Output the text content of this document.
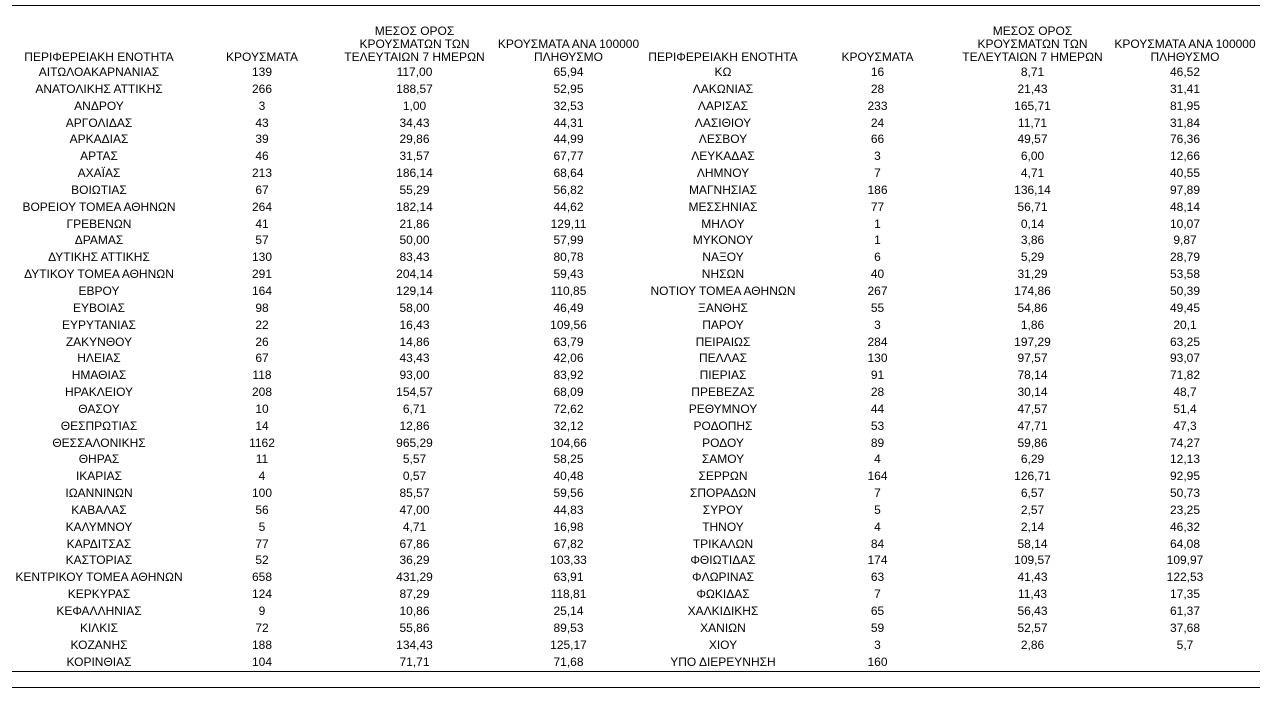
ΠΕΡΙΦΕΡΕΙΑΚΗ ΕΝΟΤΗΤΑ	ΚΡΟΥΣΜΑΤΑ	ΜΕΣΟΣ ΟΡΟΣ
ΚΡΟΥΣΜΑΤΩΝ ΤΩΝ
ΤΕΛΕΥΤΑΙΩΝ 7 ΗΜΕΡΩΝ	ΚΡΟΥΣΜΑΤΑ ΑΝΑ 100000
ΠΛΗΘΥΣΜΟ

ΑΙΤΩΛΟΑΚΑΡΝΑΝΙΑΣ	139	117,00	65,94
ΑΝΑΤΟΛΙΚΗΣ ΑΤΤΙΚΗΣ	266	188,57	52,95
ΑΝΔΡΟΥ	3	1,00	32,53
ΑΡΓΟΛΙΔΑΣ	43	34,43	44,31
ΑΡΚΑΔΙΑΣ	39	29,86	44,99
ΑΡΤΑΣ	46	31,57	67,77
ΑΧΑΪΑΣ	213	186,14	68,64
ΒΟΙΩΤΙΑΣ	67	55,29	56,82
ΒΟΡΕΙΟΥ ΤΟΜΕΑ ΑΘΗΝΩΝ	264	182,14	44,62
ΓΡΕΒΕΝΩΝ	41	21,86	129,11
ΔΡΑΜΑΣ	57	50,00	57,99
ΔΥΤΙΚΗΣ ΑΤΤΙΚΗΣ	130	83,43	80,78
ΔΥΤΙΚΟΥ ΤΟΜΕΑ ΑΘΗΝΩΝ	291	204,14	59,43
ΕΒΡΟΥ	164	129,14	110,85
ΕΥΒΟΙΑΣ	98	58,00	46,49
ΕΥΡΥΤΑΝΙΑΣ	22	16,43	109,56
ΖΑΚΥΝΘΟΥ	26	14,86	63,79
ΗΛΕΙΑΣ	67	43,43	42,06
ΗΜΑΘΙΑΣ	118	93,00	83,92
ΗΡΑΚΛΕΙΟΥ	208	154,57	68,09
ΘΑΣΟΥ	10	6,71	72,62
ΘΕΣΠΡΩΤΙΑΣ	14	12,86	32,12
ΘΕΣΣΑΛΟΝΙΚΗΣ	1162	965,29	104,66
ΘΗΡΑΣ	11	5,57	58,25
ΙΚΑΡΙΑΣ	4	0,57	40,48
ΙΩΑΝΝΙΝΩΝ	100	85,57	59,56
ΚΑΒΑΛΑΣ	56	47,00	44,83
ΚΑΛΥΜΝΟΥ	5	4,71	16,98
ΚΑΡΔΙΤΣΑΣ	77	67,86	67,82
ΚΑΣΤΟΡΙΑΣ	52	36,29	103,33
ΚΕΝΤΡΙΚΟΥ ΤΟΜΕΑ ΑΘΗΝΩΝ	658	431,29	63,91
ΚΕΡΚΥΡΑΣ	124	87,29	118,81
ΚΕΦΑΛΛΗΝΙΑΣ	9	10,86	25,14
ΚΙΛΚΙΣ	72	55,86	89,53
ΚΟΖΑΝΗΣ	188	134,43	125,17
ΚΟΡΙΝΘΙΑΣ	104	71,71	71,68
ΠΕΡΙΦΕΡΕΙΑΚΗ ΕΝΟΤΗΤΑ	ΚΡΟΥΣΜΑΤΑ	ΜΕΣΟΣ ΟΡΟΣ
ΚΡΟΥΣΜΑΤΩΝ ΤΩΝ
ΤΕΛΕΥΤΑΙΩΝ 7 ΗΜΕΡΩΝ	ΚΡΟΥΣΜΑΤΑ ΑΝΑ 100000
ΠΛΗΘΥΣΜΟ

ΚΩ	16	8,71	46,52
ΛΑΚΩΝΙΑΣ	28	21,43	31,41
ΛΑΡΙΣΑΣ	233	165,71	81,95
ΛΑΣΙΘΙΟΥ	24	11,71	31,84
ΛΕΣΒΟΥ	66	49,57	76,36
ΛΕΥΚΑΔΑΣ	3	6,00	12,66
ΛΗΜΝΟΥ	7	4,71	40,55
ΜΑΓΝΗΣΙΑΣ	186	136,14	97,89
ΜΕΣΣΗΝΙΑΣ	77	56,71	48,14
ΜΗΛΟΥ	1	0,14	10,07
ΜΥΚΟΝΟΥ	1	3,86	9,87
ΝΑΞΟΥ	6	5,29	28,79
ΝΗΣΩΝ	40	31,29	53,58
ΝΟΤΙΟΥ ΤΟΜΕΑ ΑΘΗΝΩΝ	267	174,86	50,39
ΞΑΝΘΗΣ	55	54,86	49,45
ΠΑΡΟΥ	3	1,86	20,1
ΠΕΙΡΑΙΩΣ	284	197,29	63,25
ΠΕΛΛΑΣ	130	97,57	93,07
ΠΙΕΡΙΑΣ	91	78,14	71,82
ΠΡΕΒΕΖΑΣ	28	30,14	48,7
ΡΕΘΥΜΝΟΥ	44	47,57	51,4
ΡΟΔΟΠΗΣ	53	47,71	47,3
ΡΟΔΟΥ	89	59,86	74,27
ΣΑΜΟΥ	4	6,29	12,13
ΣΕΡΡΩΝ	164	126,71	92,95
ΣΠΟΡΑΔΩΝ	7	6,57	50,73
ΣΥΡΟΥ	5	2,57	23,25
ΤΗΝΟΥ	4	2,14	46,32
ΤΡΙΚΑΛΩΝ	84	58,14	64,08
ΦΘΙΩΤΙΔΑΣ	174	109,57	109,97
ΦΛΩΡΙΝΑΣ	63	41,43	122,53
ΦΩΚΙΔΑΣ	7	11,43	17,35
ΧΑΛΚΙΔΙΚΗΣ	65	56,43	61,37
ΧΑΝΙΩΝ	59	52,57	37,68
ΧΙΟΥ	3	2,86	5,7
ΥΠΟ ΔΙΕΡΕΥΝΗΣΗ	160		
